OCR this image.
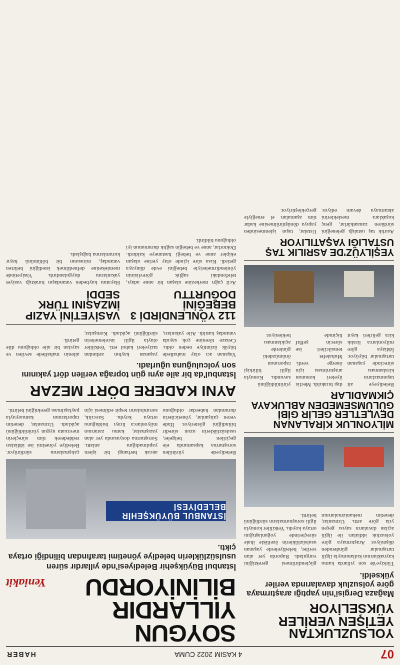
07
4 KASIM 2022 CUMA
HABER
YOLSUZLUKTAN YETİŞEN VERİLER YÜKSELİYOR
Mağaza Dergisi'nin yaptığı araştırmaya göre yolsuzluk davalarında veriler yükseldi.
Türkiye'de son yıllarda kamu kaynaklarının kullanımıyla ilgili tartışmalar gündemden düşmüyor. Araştırmaya göre yolsuzluk iddiaları ile ilgili açılan davaların sayısı geçen yıla göre arttı. Uzmanlar, denetim mekanizmalarının güçlendirilmesi gerektiğini vurguladı. Raporda yer alan veriler, belediyelerde yaşanan usulsüzlüklerin özellikle ihale süreçlerinde yoğunlaştığını ortaya koydu. Yetkililer konuyla ilgili soruşturmaların sürdüğünü belirtti.
MİLYONLUK KİRALANAN DEVLETLER GELİR GİBİ GÜLÜMSEMEDEN ABLUKAYA ÇIKMADILAR
Belediyeye ait taşınmazların kiralanması sürecinde yaşanan tartışmalar büyüyor. İddiaya göre milyonlarca liralık kira gelirleri kayıt dışı bırakıldı. Meclis üyeleri konunun araştırılması için önerge verdi. Muhalefet temsilcileri ise sürecin şeffaf biçimde yürütüldüğünü savundu. Konuyla ilgili bilirkişi raporunun önümüzdeki günlerde açıklanması bekleniyor.
YEŞİLYÜZ'DE ASRILIK TAŞ USTALIĞI YAŞATILIYOR
Asırlık taş ustalığı geleneğini sürdüren zanaatkârlar, genç kuşaklara mesleklerini aktarmaya devam ediyor. Ustalar, taşın işlenmesinden yapıya dönüştürülmesine kadar tüm aşamaları el emeğiyle gerçekleştiriyor.
SOYGUN YILLARDIR BİLİNİYORDU
Yeniakit
İstanbul Büyükşehir Belediyesi'nde yıllardır süren usulsüzlüklerin belediye yönetimi tarafından bilindiği ortaya çıktı.
İSTANBUL BÜYÜKŞEHİR BELEDİYESİ
Belediyede yürütülen soruşturma kapsamında ele geçirilen belgeler, usulsüzlüklerin uzun süredir bilindiğini gösteriyor. İfade veren çalışanlar, yöneticilerin durumdan haberdar olduğunu ancak herhangi bir işlem yapılmadığını anlattı. Soruşturma dosyasında yer alan yazışmalar, kamu zararının milyonlarca lirayı bulduğunu ortaya koydu. Savcılık, sorumluların tespit edilmesi için çalışmalarını sürdürüyor. Belediye yönetimi ise iddiaları reddederek tüm süreçlerin mevzuata uygun yürütüldüğünü açıkladı. Uzmanlar, denetim raporlarının kamuoyuyla paylaşılması gerektiğini belirtti.
AYNI KADERE DÖRT MEZAR
İstanbul'da bir aile aynı gün toprağa verilen dört yakınını son yolculuğuna uğurladı.
Yaşanan acı olay mahallede büyük üzüntüye neden oldu. Cenaze törenine çok sayıda vatandaş katıldı. Aile yakınları, yaşanan kaybın ardından taziyeleri kabul etti. Yetkililer olayla ilgili incelemelerin sürdüğünü açıkladı. Komşular, ailenin mahallede sevilen ve sayılan bir aile olduğunu dile getirdi.
112 YÖNLENDİRDİ 3 BEBEĞİNİ DOĞURTTU
Acil çağrı merkezine ulaşan bir anne adayı, telefondaki sağlık görevlisinin yönlendirmeleriyle bebeğini evde dünyaya getirdi. Kısa süre içinde olay yerine ulaşan ekipler anne ve bebeği hastaneye kaldırdı. Doktorlar, anne ve bebeğin sağlık durumunun iyi olduğunu bildirdi.
VASİYETİNİ YAZIP İMZASINI TÜRK SEDDİ
Hayatını kaybeden vatandaşın bıraktığı vasiyet yakınlarını duygulandırdı. Vasiyetinde memleketine defnedilmek istediğini belirten vatandaş, mirasının bir bölümünü hayır kurumlarına bağışladı.
